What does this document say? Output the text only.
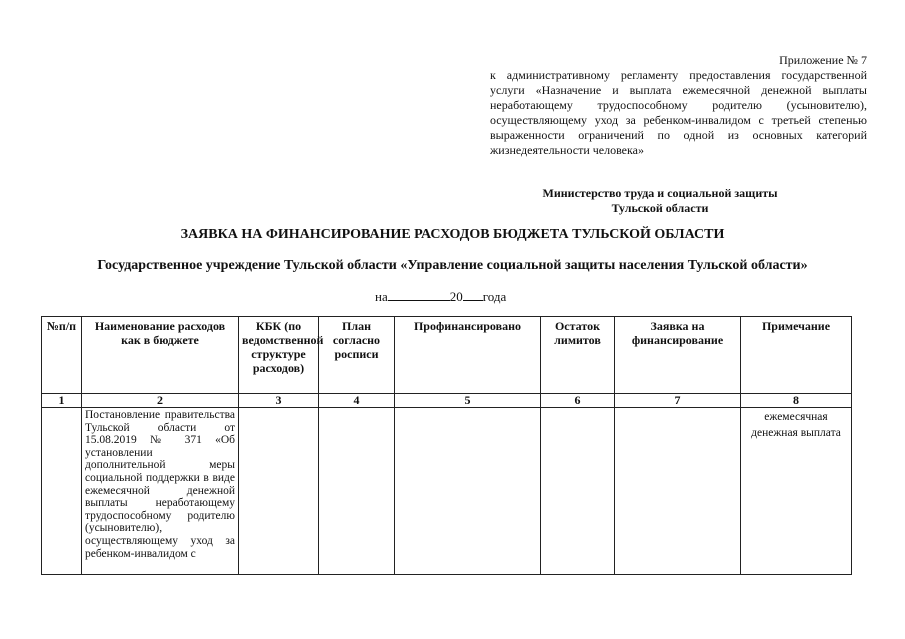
Приложение № 7
к административному регламенту предоставления государственной услуги «Назначение и выплата ежемесячной денежной выплаты неработающему трудоспособному родителю (усыновителю), осуществляющему уход за ребенком-инвалидом с третьей степенью выраженности ограничений по одной из основных категорий жизнедеятельности человека»
Министерство труда и социальной защиты
Тульской области
ЗАЯВКА НА ФИНАНСИРОВАНИЕ РАСХОДОВ БЮДЖЕТА ТУЛЬСКОЙ ОБЛАСТИ
Государственное учреждение Тульской области «Управление социальной защиты населения Тульской области»
на	20 года
№п/п	Наименование расходов как в бюджете	КБК (по ведомственной структуре расходов)	План согласно росписи	Профинансировано	Остаток лимитов	Заявка на финансирование	Примечание
1	2	3	4	5	6	7	8

	Постановление правительства Тульской области от 15.08.2019 № 371 «Об установлении дополнительной меры социальной поддержки в виде ежемесячной денежной выплаты неработающему трудоспособному родителю (усыновителю), осуществляющему уход за ребенком-инвалидом с						ежемесячная денежная выплата
